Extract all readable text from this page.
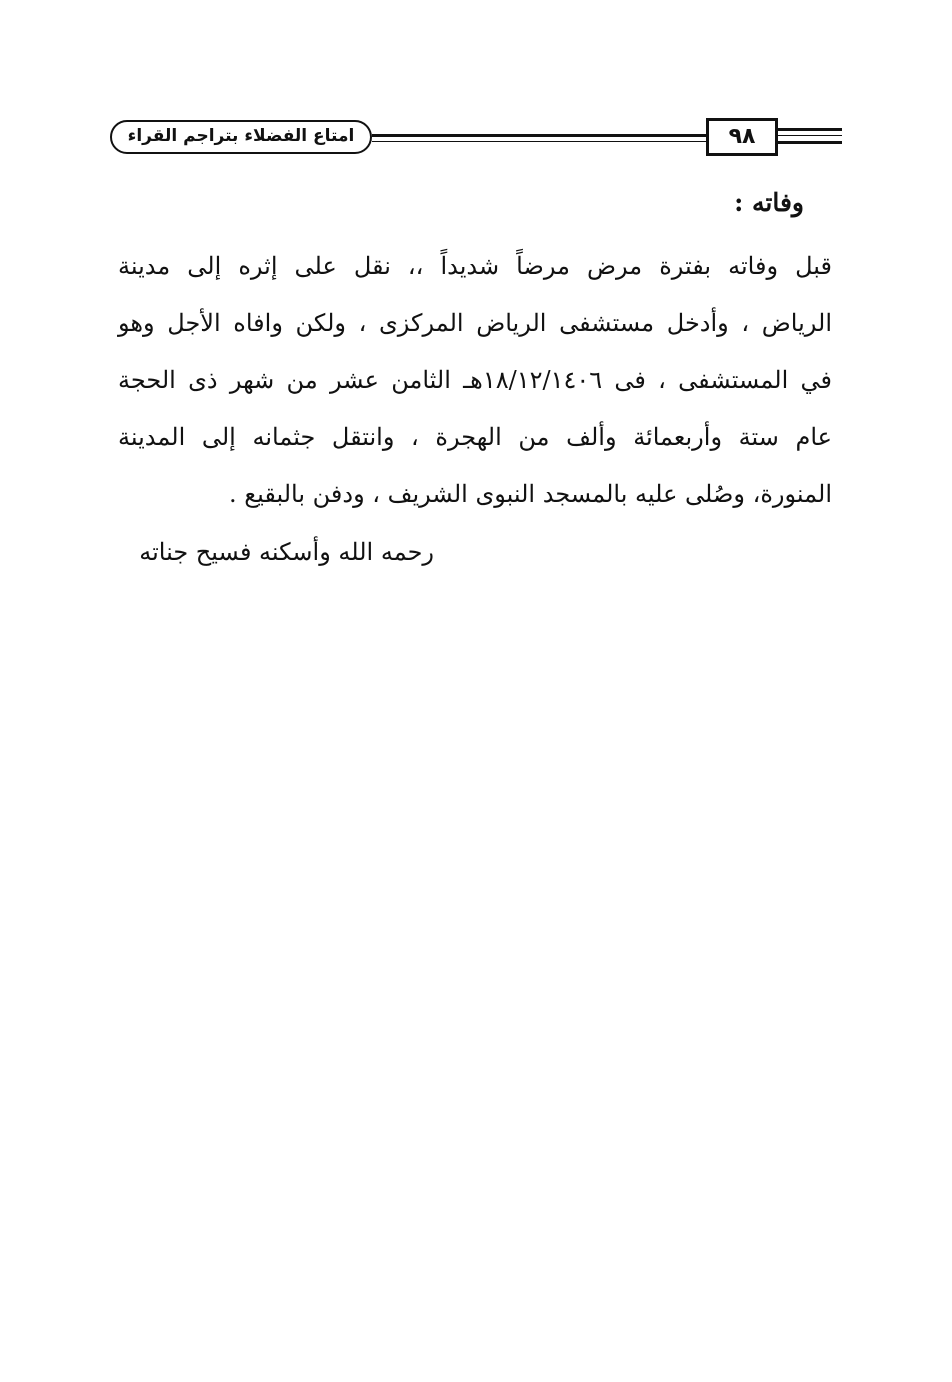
امتاع الفضلاء بتراجم القراء	٩٨
وفاته :
قبل وفاته بفترة مرض مرضاً شديداً ،، نقل على إثره إلى مدينة
الرياض ، وأدخل مستشفى الرياض المركزى ، ولكن وافاه الأجل وهو
في المستشفى ، فى ١٨/١٢/١٤٠٦هـ الثامن عشر من شهر ذى الحجة
عام ستة وأربعمائة وألف من الهجرة ، وانتقل جثمانه إلى المدينة
المنورة، وصُلى عليه بالمسجد النبوى الشريف ، ودفن بالبقيع .
رحمه الله وأسكنه فسيح جناته
